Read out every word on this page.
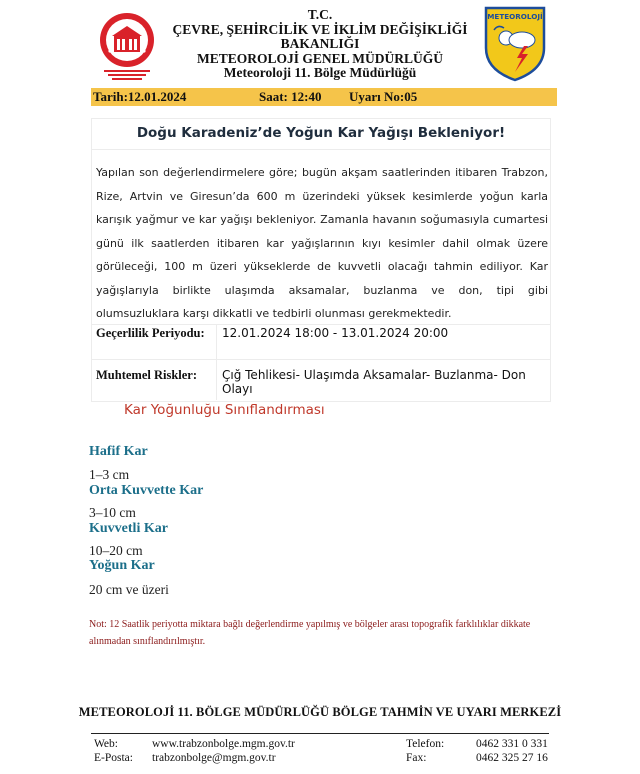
T.C.
ÇEVRE, ŞEHİRCİLİK VE İKLİM DEĞİŞİKLİĞİ
BAKANLIĞI
METEOROLOJİ GENEL MÜDÜRLÜĞÜ
Meteoroloji 11. Bölge Müdürlüğü
METEOROLOJİ
Tarih:12.01.2024	Saat: 12:40 Uyarı No:05
Doğu Karadeniz’de Yoğun Kar Yağışı Bekleniyor!
Yapılan son değerlendirmelere göre; bugün akşam saatlerinden itibaren Trabzon, Rize, Artvin ve Giresun’da 600 m üzerindeki yüksek kesimlerde yoğun karla karışık yağmur ve kar yağışı bekleniyor. Zamanla havanın soğumasıyla cumartesi günü ilk saatlerden itibaren kar yağışlarının kıyı kesimler dahil olmak üzere görüleceği, 100 m üzeri yükseklerde de kuvvetli olacağı tahmin ediliyor. Kar yağışlarıyla birlikte ulaşımda aksamalar, buzlanma ve don, tipi gibi olumsuzluklara karşı dikkatli ve tedbirli olunması gerekmektedir.
Geçerlilik Periyodu: 12.01.2024 18:00 - 13.01.2024 20:00
Muhtemel Riskler: Çığ Tehlikesi- Ulaşımda Aksamalar- Buzlanma- Don Olayı
Kar Yoğunluğu Sınıflandırması
Hafif Kar
1–3 cm
Orta Kuvvette Kar
3–10 cm
Kuvvetli Kar
10–20 cm
Yoğun Kar
20 cm ve üzeri
Not: 12 Saatlik periyotta miktara bağlı değerlendirme yapılmış ve bölgeler arası topografik farklılıklar dikkate alınmadan sınıflandırılmıştır.
METEOROLOJİ 11. BÖLGE MÜDÜRLÜĞÜ BÖLGE TAHMİN VE UYARI MERKEZİ
Web:	www.trabzonbolge.mgm.gov.tr
E-Posta: trabzonbolge@mgm.gov.tr
Telefon:	0462 331 0 331
Fax:	0462 325 27 16
